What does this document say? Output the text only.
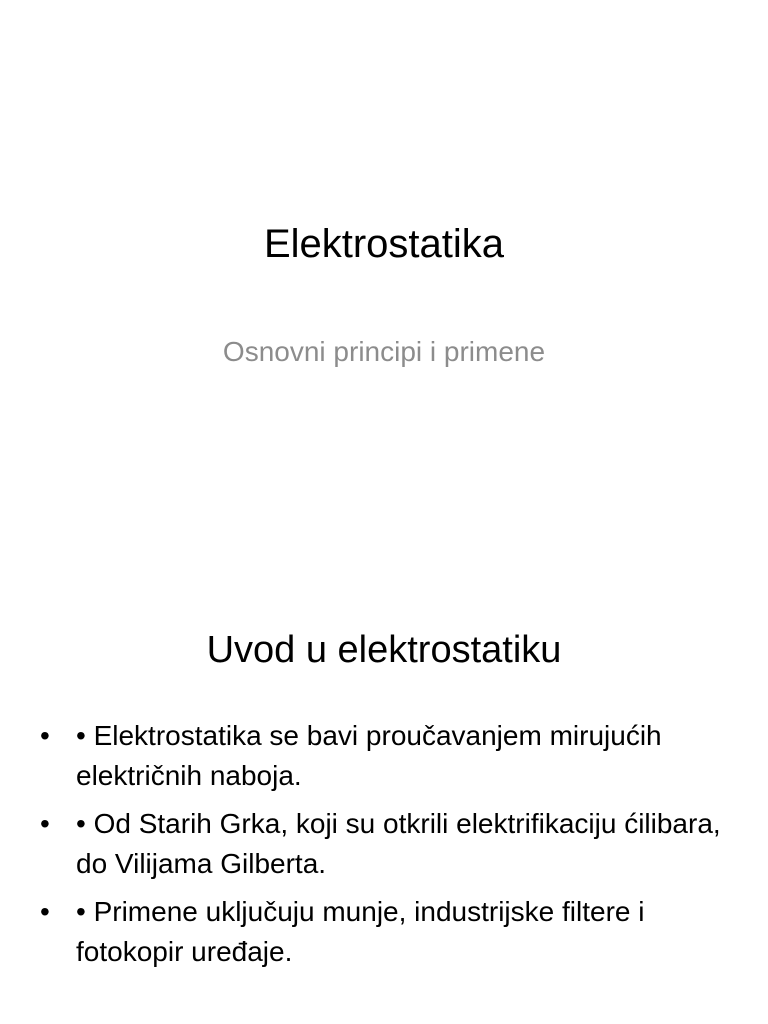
Elektrostatika
Osnovni principi i primene
Uvod u elektrostatiku
• • Elektrostatika se bavi proučavanjem mirujućih električnih naboja.
• • Od Starih Grka, koji su otkrili elektrifikaciju ćilibara, do Vilijama Gilberta.
• • Primene uključuju munje, industrijske filtere i fotokopir uređaje.
